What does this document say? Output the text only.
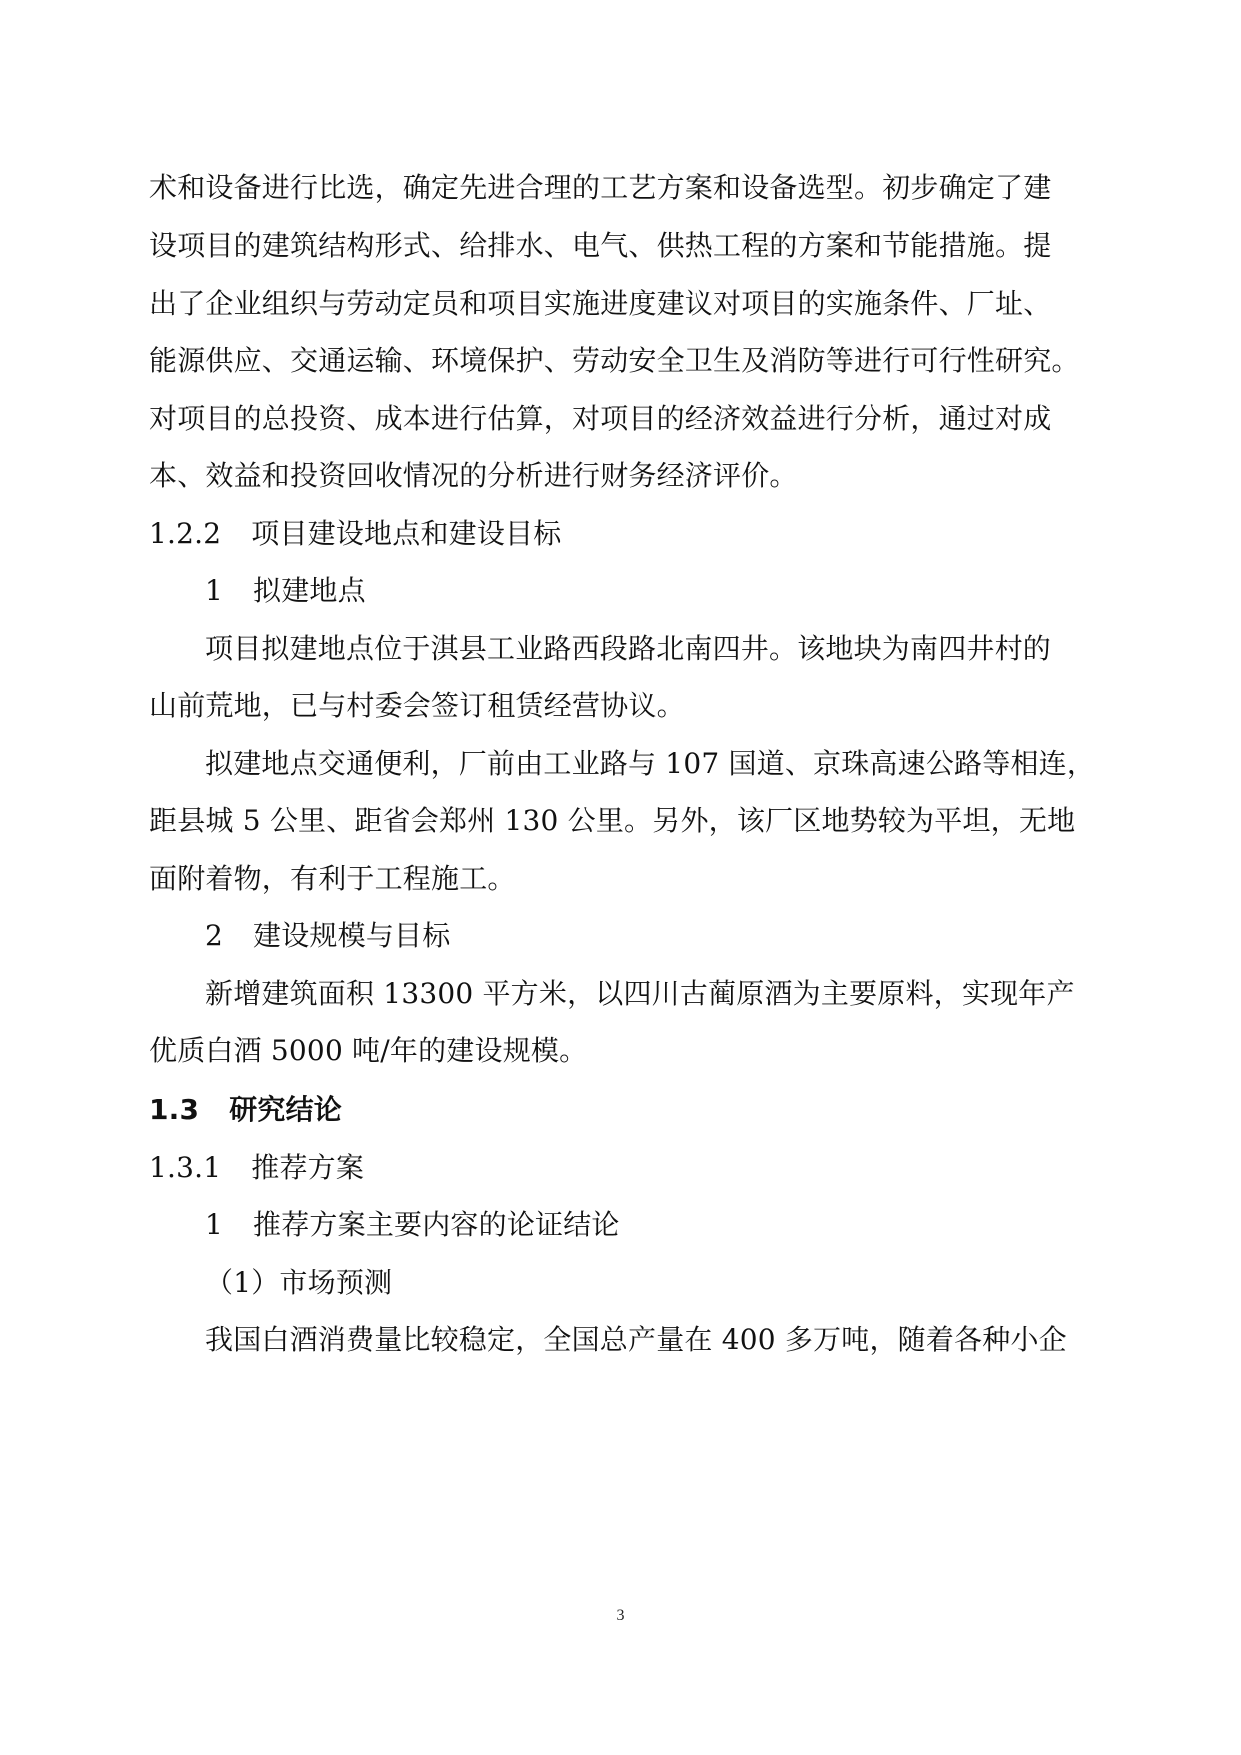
术和设备进行比选，确定先进合理的工艺方案和设备选型。初步确定了建
设项目的建筑结构形式、给排水、电气、供热工程的方案和节能措施。提
出了企业组织与劳动定员和项目实施进度建议对项目的实施条件、厂址、
能源供应、交通运输、环境保护、劳动安全卫生及消防等进行可行性研究。
对项目的总投资、成本进行估算，对项目的经济效益进行分析，通过对成
本、效益和投资回收情况的分析进行财务经济评价。
1.2.2 项目建设地点和建设目标
1 拟建地点
项目拟建地点位于淇县工业路西段路北南四井。该地块为南四井村的
山前荒地，已与村委会签订租赁经营协议。
拟建地点交通便利，厂前由工业路与 107 国道、京珠高速公路等相连，
距县城 5 公里、距省会郑州 130 公里。另外，该厂区地势较为平坦，无地
面附着物，有利于工程施工。
2 建设规模与目标
新增建筑面积 13300 平方米，以四川古蔺原酒为主要原料，实现年产
优质白酒 5000 吨/年的建设规模。
1.3 研究结论
1.3.1 推荐方案
1 推荐方案主要内容的论证结论
（1）市场预测
我国白酒消费量比较稳定，全国总产量在 400 多万吨，随着各种小企
3
